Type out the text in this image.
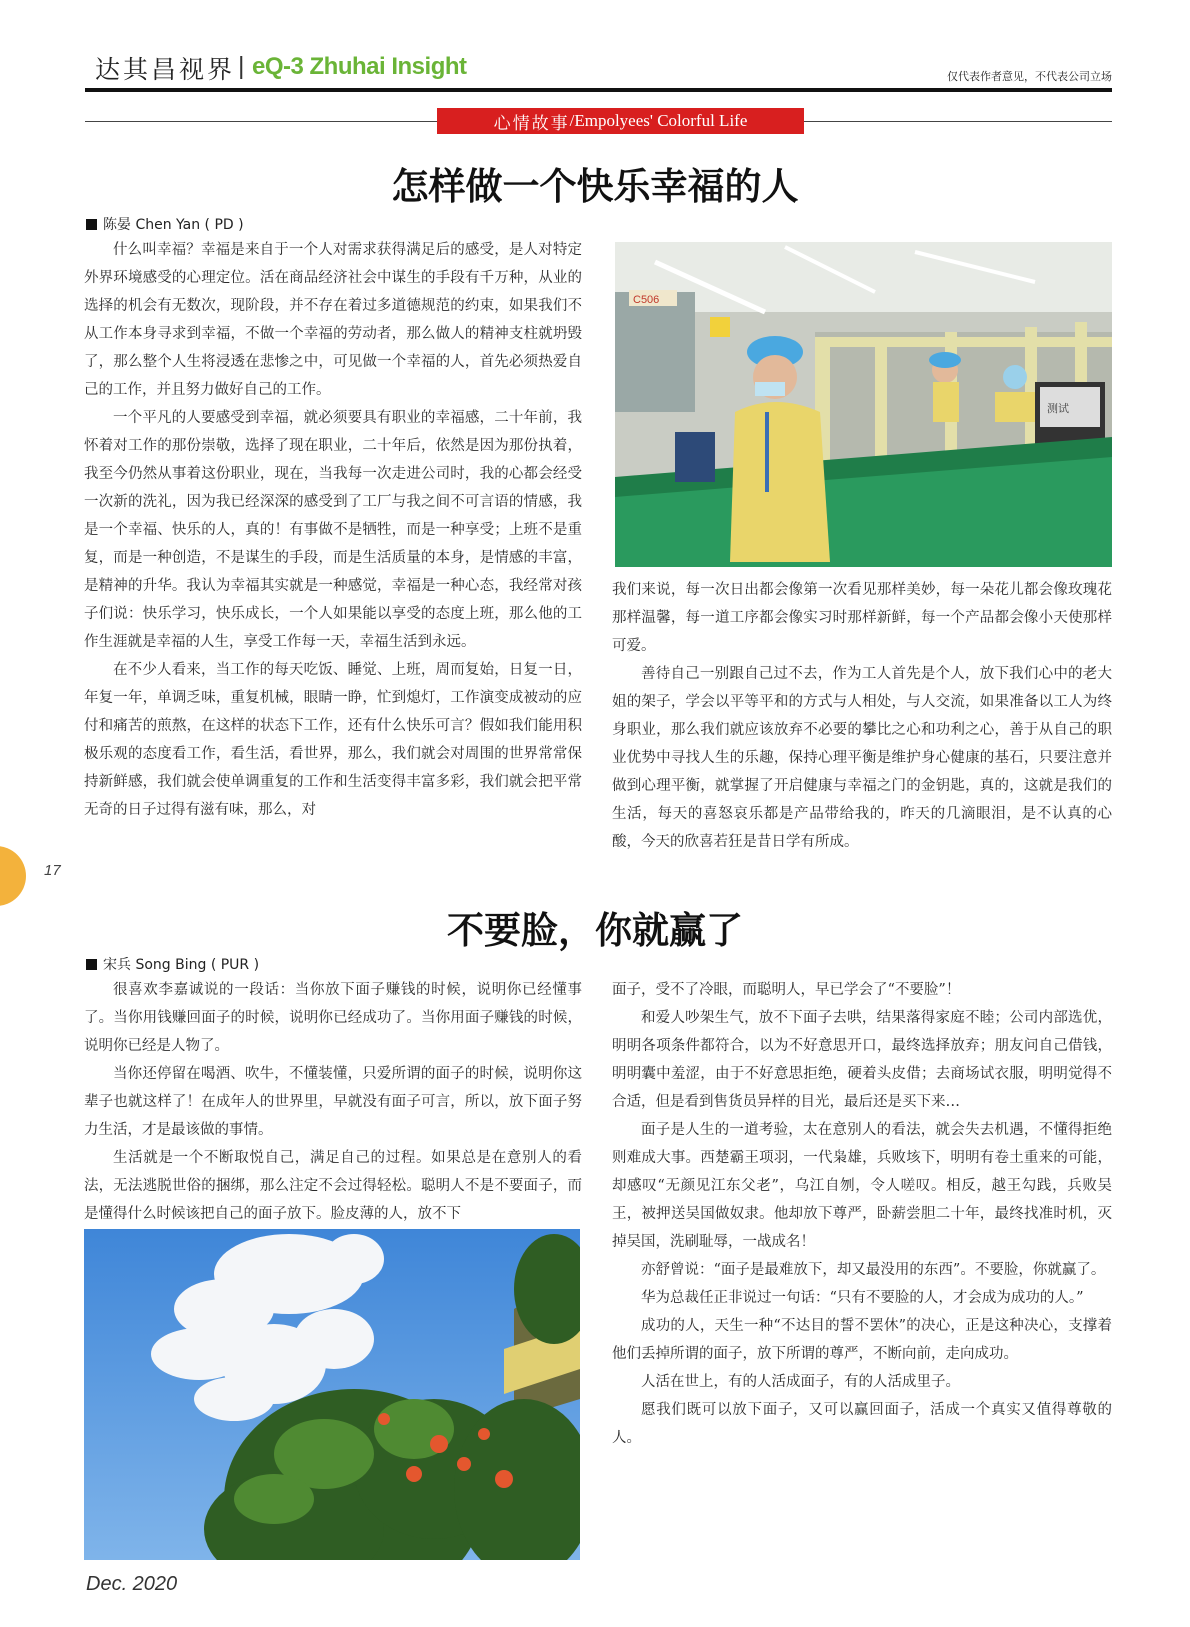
达其昌视界 | eQ-3 Zhuhai Insight	仅代表作者意见，不代表公司立场
心情故事 /Empolyees' Colorful Life
怎样做一个快乐幸福的人
陈晏 Chen Yan ( PD )

什么叫幸福？幸福是来自于一个人对需求获得满足后的感受，是人对特定外界环境感受的心理定位。活在商品经济社会中谋生的手段有千万种，从业的选择的机会有无数次，现阶段，并不存在着过多道德规范的约束，如果我们不从工作本身寻求到幸福，不做一个幸福的劳动者，那么做人的精神支柱就坍毁了，那么整个人生将浸透在悲惨之中，可见做一个幸福的人，首先必须热爱自己的工作，并且努力做好自己的工作。

一个平凡的人要感受到幸福，就必须要具有职业的幸福感，二十年前，我怀着对工作的那份崇敬，选择了现在职业，二十年后，依然是因为那份执着，我至今仍然从事着这份职业，现在，当我每一次走进公司时，我的心都会经受一次新的洗礼，因为我已经深深的感受到了工厂与我之间不可言语的情感，我是一个幸福、快乐的人，真的！有事做不是牺牲，而是一种享受；上班不是重复，而是一种创造，不是谋生的手段，而是生活质量的本身，是情感的丰富，是精神的升华。我认为幸福其实就是一种感觉，幸福是一种心态，我经常对孩子们说：快乐学习，快乐成长，一个人如果能以享受的态度上班，那么他的工作生涯就是幸福的人生，享受工作每一天，幸福生活到永远。

在不少人看来，当工作的每天吃饭、睡觉、上班，周而复始，日复一日，年复一年，单调乏味，重复机械，眼睛一睁，忙到熄灯，工作演变成被动的应付和痛苦的煎熬，在这样的状态下工作，还有什么快乐可言？假如我们能用积极乐观的态度看工作，看生活，看世界，那么，我们就会对周围的世界常常保持新鲜感，我们就会使单调重复的工作和生活变得丰富多彩，我们就会把平常无奇的日子过得有滋有味，那么，对

C506
测试

我们来说，每一次日出都会像第一次看见那样美妙，每一朵花儿都会像玫瑰花那样温馨，每一道工序都会像实习时那样新鲜，每一个产品都会像小天使那样可爱。

善待自己一别跟自己过不去，作为工人首先是个人，放下我们心中的老大姐的架子，学会以平等平和的方式与人相处，与人交流，如果准备以工人为终身职业，那么我们就应该放弃不必要的攀比之心和功利之心，善于从自己的职业优势中寻找人生的乐趣，保持心理平衡是维护身心健康的基石，只要注意并做到心理平衡，就掌握了开启健康与幸福之门的金钥匙，真的，这就是我们的生活，每天的喜怒哀乐都是产品带给我的，昨天的几滴眼泪，是不认真的心酸，今天的欣喜若狂是昔日学有所成。

17
不要脸，你就赢了
宋兵 Song Bing ( PUR )

很喜欢李嘉诚说的一段话：当你放下面子赚钱的时候，说明你已经懂事了。当你用钱赚回面子的时候，说明你已经成功了。当你用面子赚钱的时候，说明你已经是人物了。

当你还停留在喝酒、吹牛，不懂装懂，只爱所谓的面子的时候，说明你这辈子也就这样了！在成年人的世界里，早就没有面子可言，所以，放下面子努力生活，才是最该做的事情。

生活就是一个不断取悦自己，满足自己的过程。如果总是在意别人的看法，无法逃脱世俗的捆绑，那么注定不会过得轻松。聪明人不是不要面子，而是懂得什么时候该把自己的面子放下。脸皮薄的人，放不下

面子，受不了冷眼，而聪明人，早已学会了“不要脸”！

和爱人吵架生气，放不下面子去哄，结果落得家庭不睦；公司内部选优，明明各项条件都符合，以为不好意思开口，最终选择放弃；朋友问自己借钱，明明囊中羞涩，由于不好意思拒绝，硬着头皮借；去商场试衣服，明明觉得不合适，但是看到售货员异样的目光，最后还是买下来…

面子是人生的一道考验，太在意别人的看法，就会失去机遇，不懂得拒绝则难成大事。西楚霸王项羽，一代枭雄，兵败垓下，明明有卷土重来的可能，却感叹“无颜见江东父老”，乌江自刎，令人嗟叹。相反，越王勾践，兵败吴王，被押送吴国做奴隶。他却放下尊严，卧薪尝胆二十年，最终找准时机，灭掉吴国，洗刷耻辱，一战成名！

亦舒曾说：“面子是最难放下，却又最没用的东西”。不要脸，你就赢了。

华为总裁任正非说过一句话：“只有不要脸的人，才会成为成功的人。”

成功的人，天生一种“不达目的誓不罢休”的决心，正是这种决心，支撑着他们丢掉所谓的面子，放下所谓的尊严，不断向前，走向成功。

人活在世上，有的人活成面子，有的人活成里子。

愿我们既可以放下面子，又可以赢回面子，活成一个真实又值得尊敬的人。

Dec. 2020
